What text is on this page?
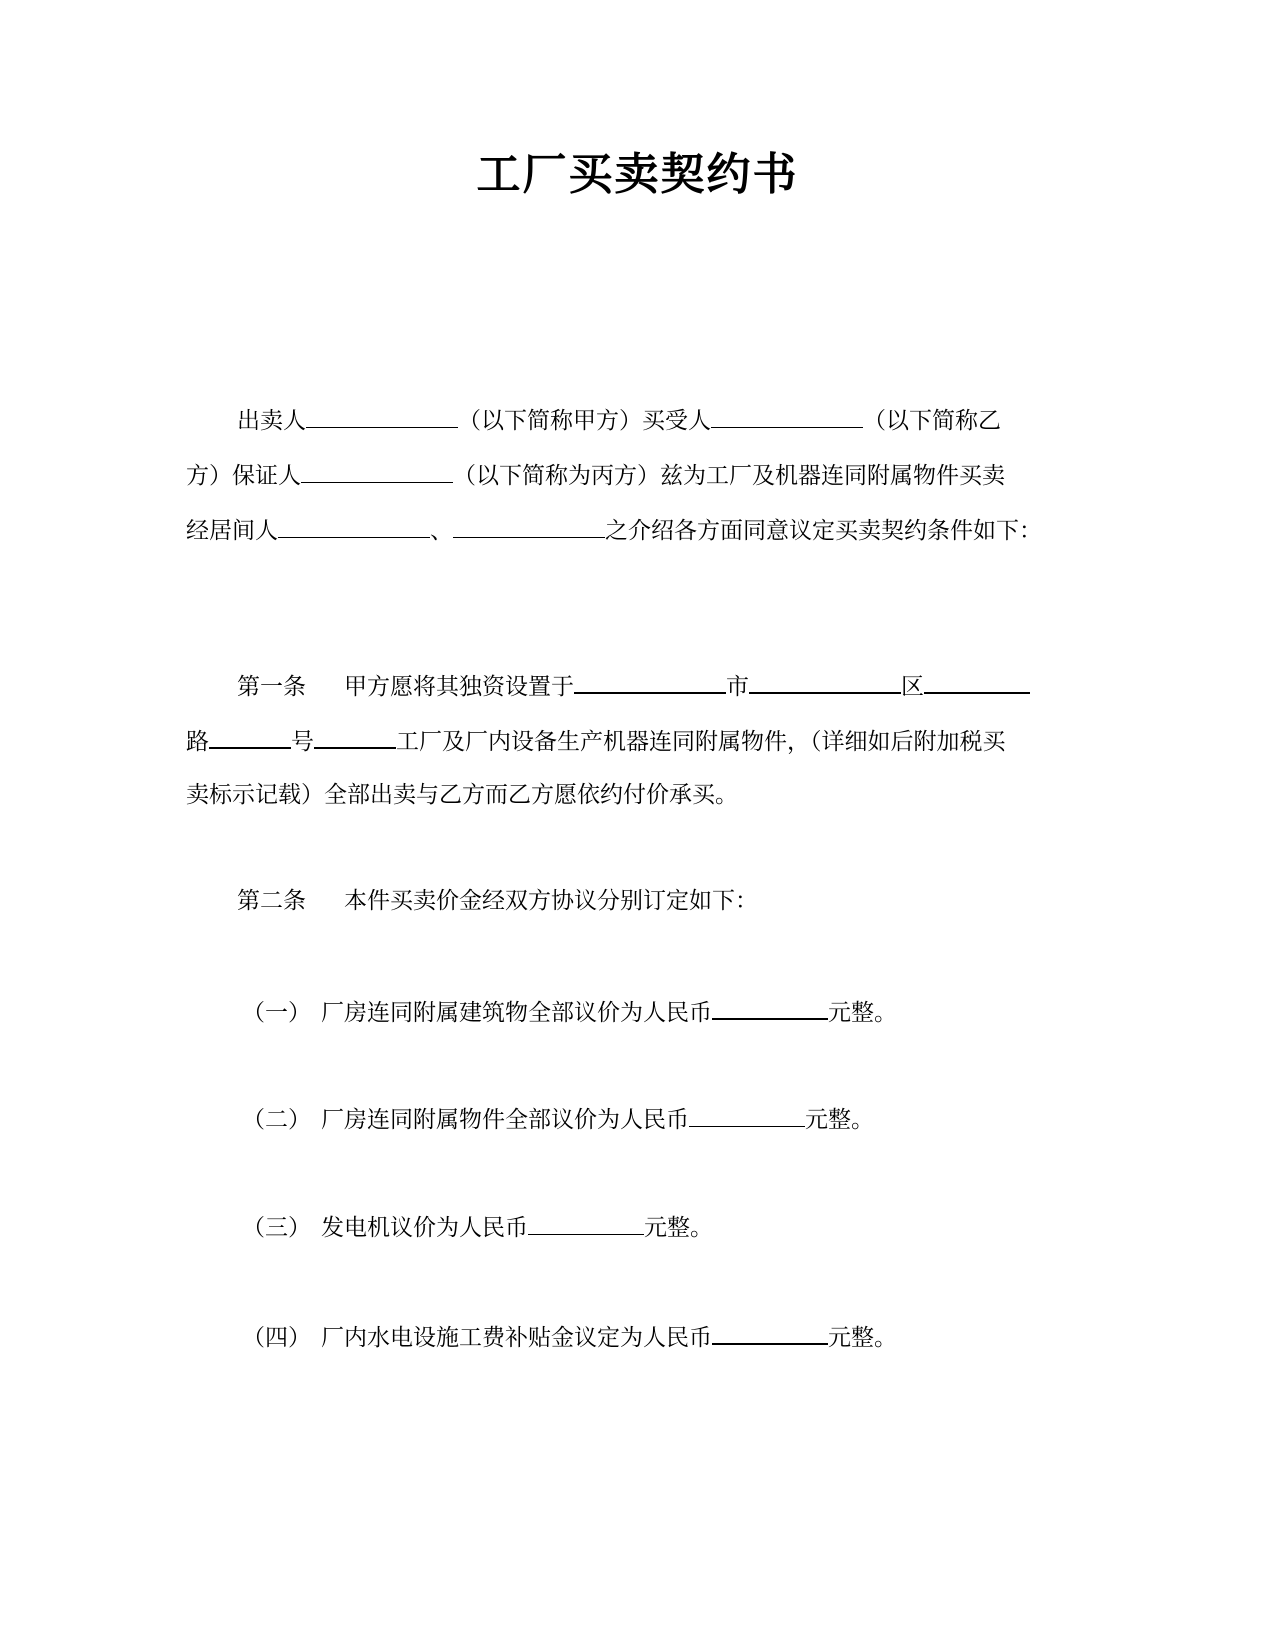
工厂买卖契约书
出卖人	（以下简称甲方）买受人	（以下简称乙
方）保证人	（以下简称为丙方）兹为工厂及机器连同附属物件买卖
经居间人	、	之介绍各方面同意议定买卖契约条件如下：
第一条 甲方愿将其独资设置于	市	区
路	号	工厂及厂内设备生产机器连同附属物件，（详细如后附加税买
卖标示记载）全部出卖与乙方而乙方愿依约付价承买。
第二条 本件买卖价金经双方协议分别订定如下：
（一） 厂房连同附属建筑物全部议价为人民币	元整。
（二） 厂房连同附属物件全部议价为人民币	元整。
（三） 发电机议价为人民币	元整。
（四） 厂内水电设施工费补贴金议定为人民币	元整。
